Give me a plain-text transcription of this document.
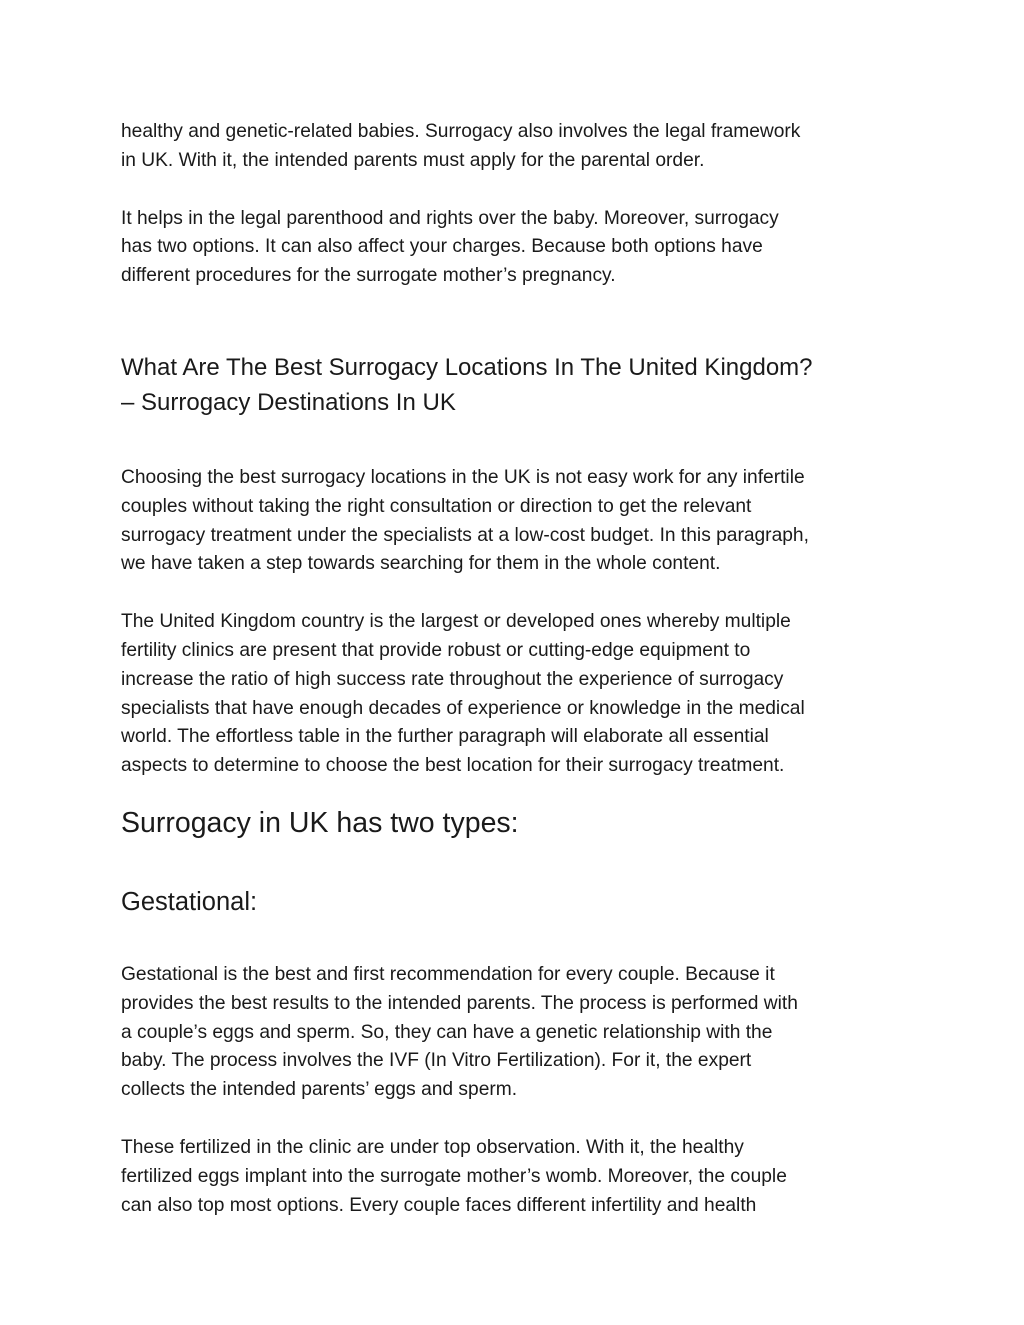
healthy and genetic-related babies. Surrogacy also involves the legal framework
in UK. With it, the intended parents must apply for the parental order.

It helps in the legal parenthood and rights over the baby. Moreover, surrogacy
has two options. It can also affect your charges. Because both options have
different procedures for the surrogate mother’s pregnancy.

What Are The Best Surrogacy Locations In The United Kingdom?
– Surrogacy Destinations In UK

Choosing the best surrogacy locations in the UK is not easy work for any infertile
couples without taking the right consultation or direction to get the relevant
surrogacy treatment under the specialists at a low-cost budget. In this paragraph,
we have taken a step towards searching for them in the whole content.

The United Kingdom country is the largest or developed ones whereby multiple
fertility clinics are present that provide robust or cutting-edge equipment to
increase the ratio of high success rate throughout the experience of surrogacy
specialists that have enough decades of experience or knowledge in the medical
world. The effortless table in the further paragraph will elaborate all essential
aspects to determine to choose the best location for their surrogacy treatment.

Surrogacy in UK has two types:
Gestational:

Gestational is the best and first recommendation for every couple. Because it
provides the best results to the intended parents. The process is performed with
a couple’s eggs and sperm. So, they can have a genetic relationship with the
baby. The process involves the IVF (In Vitro Fertilization). For it, the expert
collects the intended parents’ eggs and sperm.

These fertilized in the clinic are under top observation. With it, the healthy
fertilized eggs implant into the surrogate mother’s womb. Moreover, the couple
can also top most options. Every couple faces different infertility and health
